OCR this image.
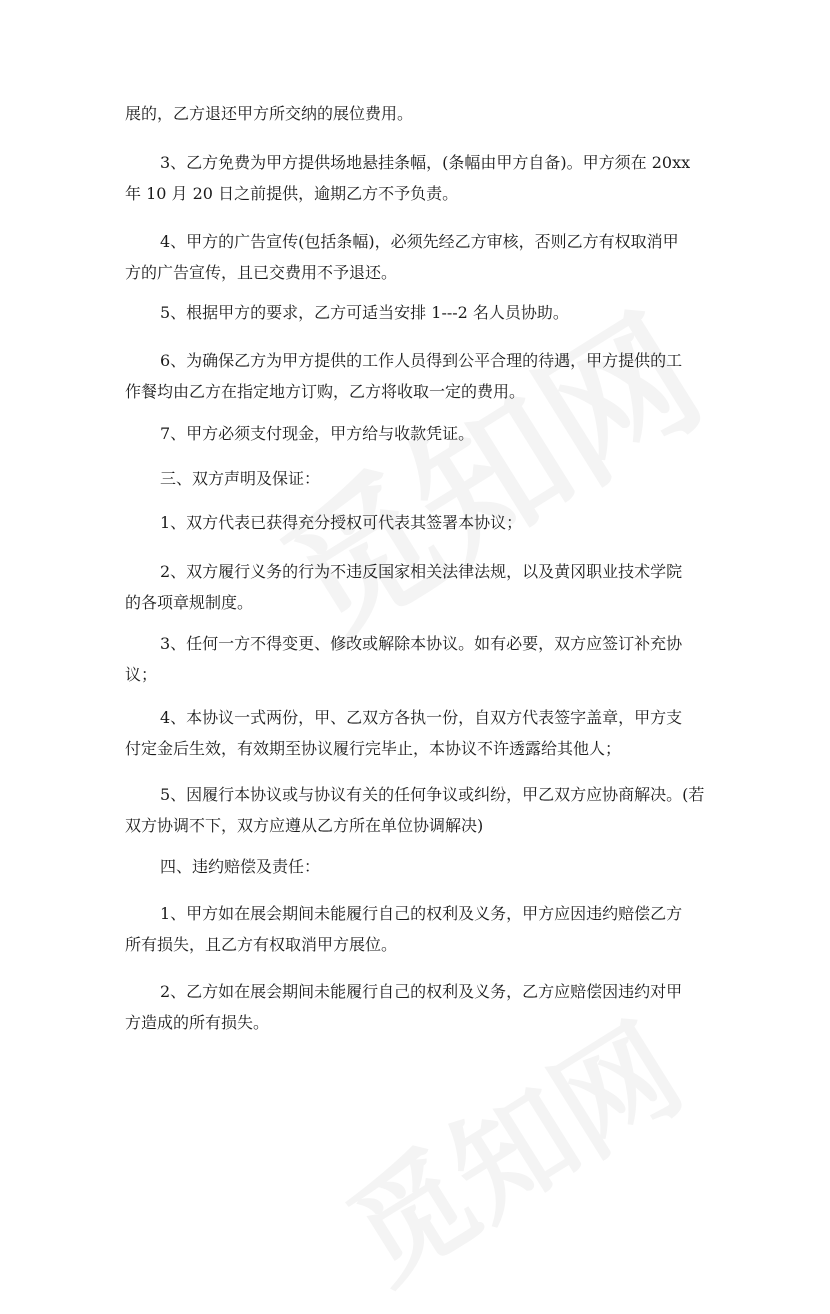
展的，乙方退还甲方所交纳的展位费用。

3、乙方免费为甲方提供场地悬挂条幅，(条幅由甲方自备)。甲方须在 20xx
年 10 月 20 日之前提供，逾期乙方不予负责。

4、甲方的广告宣传(包括条幅)，必须先经乙方审核，否则乙方有权取消甲
方的广告宣传，且已交费用不予退还。

5、根据甲方的要求，乙方可适当安排 1---2 名人员协助。

6、为确保乙方为甲方提供的工作人员得到公平合理的待遇，甲方提供的工
作餐均由乙方在指定地方订购，乙方将收取一定的费用。

7、甲方必须支付现金，甲方给与收款凭证。

三、双方声明及保证：

1、双方代表已获得充分授权可代表其签署本协议；

2、双方履行义务的行为不违反国家相关法律法规，以及黄冈职业技术学院
的各项章规制度。

3、任何一方不得变更、修改或解除本协议。如有必要，双方应签订补充协
议；

4、本协议一式两份，甲、乙双方各执一份，自双方代表签字盖章，甲方支
付定金后生效，有效期至协议履行完毕止，本协议不许透露给其他人；

5、因履行本协议或与协议有关的任何争议或纠纷，甲乙双方应协商解决。(若
双方协调不下，双方应遵从乙方所在单位协调解决)

四、违约赔偿及责任：

1、甲方如在展会期间未能履行自己的权利及义务，甲方应因违约赔偿乙方
所有损失，且乙方有权取消甲方展位。

2、乙方如在展会期间未能履行自己的权利及义务，乙方应赔偿因违约对甲
方造成的所有损失。
